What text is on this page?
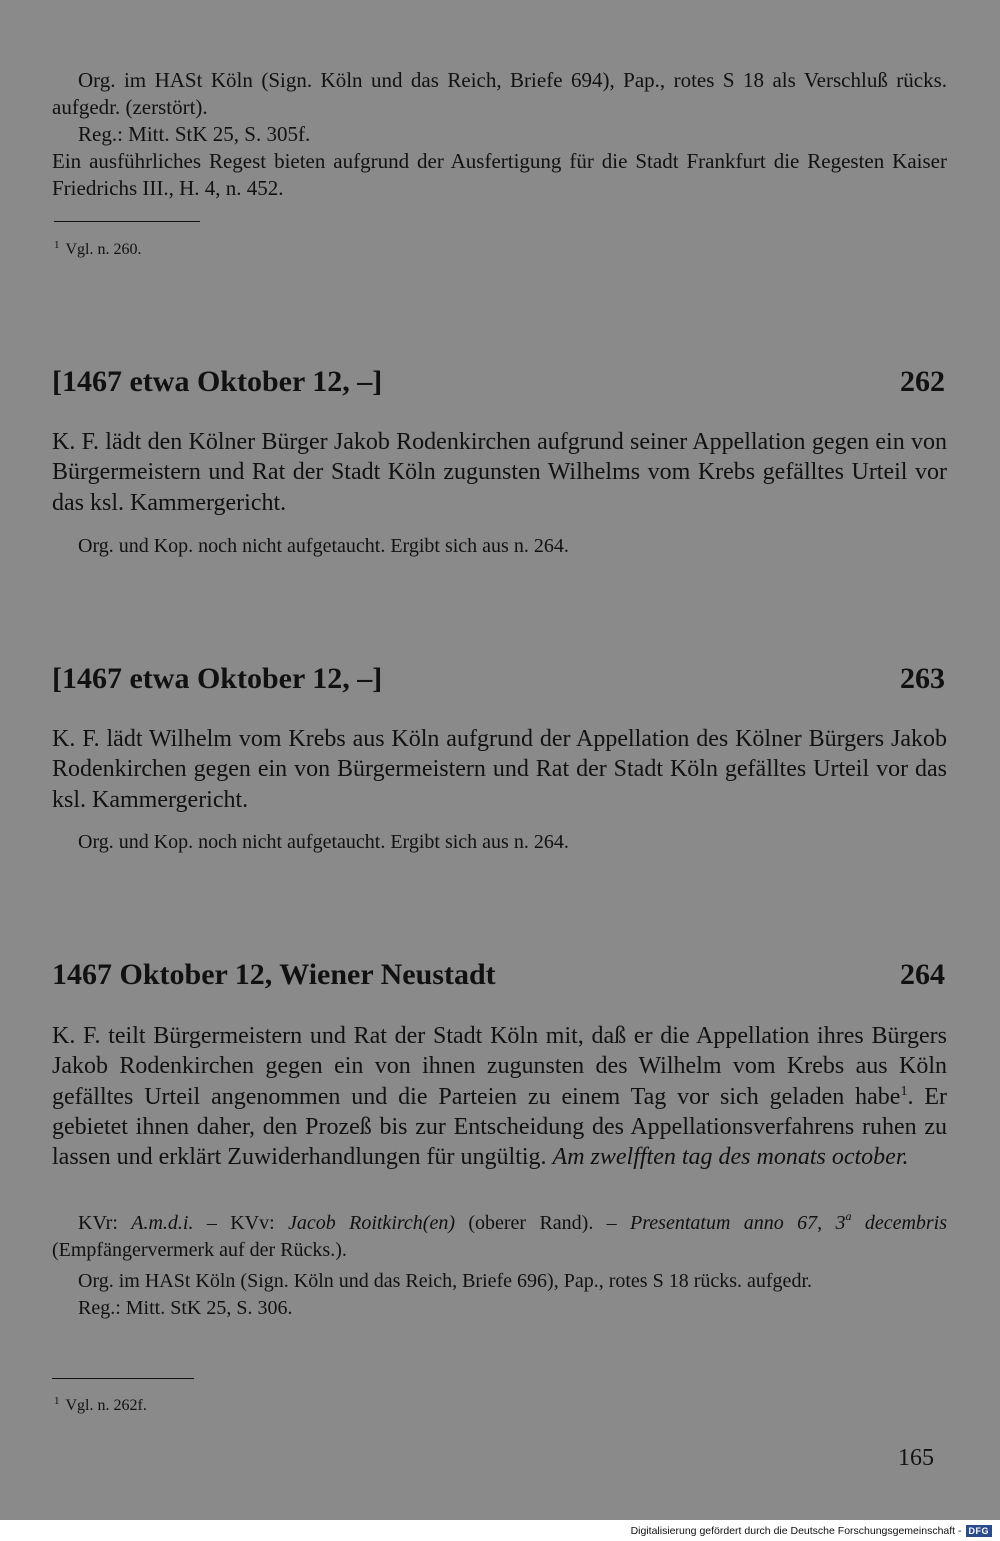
Org. im HASt Köln (Sign. Köln und das Reich, Briefe 694), Pap., rotes S 18 als Verschluß rücks. aufgedr. (zerstört).

Reg.: Mitt. StK 25, S. 305f.

Ein ausführliches Regest bieten aufgrund der Ausfertigung für die Stadt Frankfurt die Regesten Kaiser Friedrichs III., H. 4, n. 452.

$^1$ Vgl. n. 260.
[1467 etwa Oktober 12, –]	262

K. F. lädt den Kölner Bürger Jakob Rodenkirchen aufgrund seiner Appellation gegen ein von Bürgermeistern und Rat der Stadt Köln zugunsten Wilhelms vom Krebs gefälltes Urteil vor das ksl. Kammergericht.

Org. und Kop. noch nicht aufgetaucht. Ergibt sich aus n. 264.

[1467 etwa Oktober 12, –]	263

K. F. lädt Wilhelm vom Krebs aus Köln aufgrund der Appellation des Kölner Bürgers Jakob Rodenkirchen gegen ein von Bürgermeistern und Rat der Stadt Köln gefälltes Urteil vor das ksl. Kammergericht.

Org. und Kop. noch nicht aufgetaucht. Ergibt sich aus n. 264.

1467 Oktober 12, Wiener Neustadt	264

K. F. teilt Bürgermeistern und Rat der Stadt Köln mit, daß er die Appellation ihres Bürgers Jakob Rodenkirchen gegen ein von ihnen zugunsten des Wilhelm vom Krebs aus Köln gefälltes Urteil angenommen und die Parteien zu einem Tag vor sich geladen habe$^1$. Er gebietet ihnen daher, den Prozeß bis zur Entscheidung des Appellationsverfahrens ruhen zu lassen und erklärt Zuwiderhandlungen für ungültig. Am zwelfften tag des monats october.

KVr: A.m.d.i. – KVv: Jacob Roitkirch(en) (oberer Rand). – Presentatum anno 67, 3$^a$ decembris (Empfängervermerk auf der Rücks.).

Org. im HASt Köln (Sign. Köln und das Reich, Briefe 696), Pap., rotes S 18 rücks. aufgedr.

Reg.: Mitt. StK 25, S. 306.

$^1$ Vgl. n. 262f.
165
Digitalisierung gefördert durch die Deutsche Forschungsgemeinschaft - DFG
